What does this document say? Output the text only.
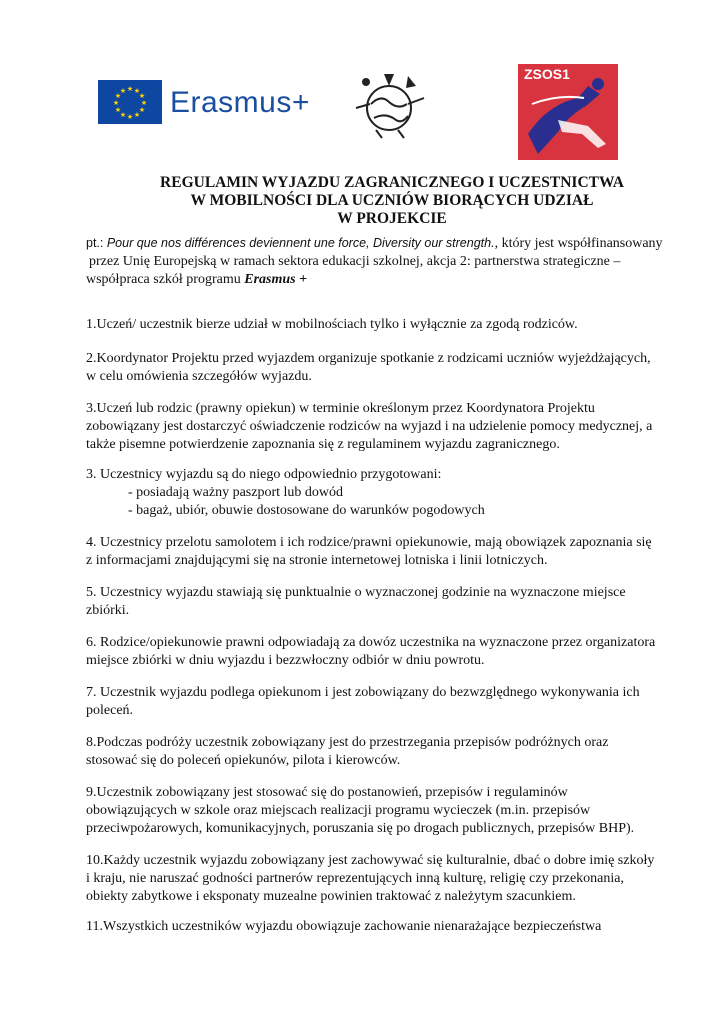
★ ★
★
★
★
★
★
★
★
★
★
★ Erasmus+
ZSOS1
REGULAMIN WYJAZDU ZAGRANICZNEGO I UCZESTNICTWA
W MOBILNOŚCI DLA UCZNIÓW BIORĄCYCH UDZIAŁ
W PROJEKCIE
pt.: Pour que nos différences deviennent une force, Diversity our strength., który jest współfinansowany
przez Unię Europejską w ramach sektora edukacji szkolnej, akcja 2: partnerstwa strategiczne –
współpraca szkół programu Erasmus +
1.Uczeń/ uczestnik bierze udział w mobilnościach tylko i wyłącznie za zgodą rodziców.
2.Koordynator Projektu przed wyjazdem organizuje spotkanie z rodzicami uczniów wyjeżdżających,
w celu omówienia szczegółów wyjazdu.
3.Uczeń lub rodzic (prawny opiekun) w terminie określonym przez Koordynatora Projektu
zobowiązany jest dostarczyć oświadczenie rodziców na wyjazd i na udzielenie pomocy medycznej, a
także pisemne potwierdzenie zapoznania się z regulaminem wyjazdu zagranicznego.
3. Uczestnicy wyjazdu są do niego odpowiednio przygotowani:
- posiadają ważny paszport lub dowód
- bagaż, ubiór, obuwie dostosowane do warunków pogodowych
4. Uczestnicy przelotu samolotem i ich rodzice/prawni opiekunowie, mają obowiązek zapoznania się
z informacjami znajdującymi się na stronie internetowej lotniska i linii lotniczych.
5. Uczestnicy wyjazdu stawiają się punktualnie o wyznaczonej godzinie na wyznaczone miejsce
zbiórki.
6. Rodzice/opiekunowie prawni odpowiadają za dowóz uczestnika na wyznaczone przez organizatora
miejsce zbiórki w dniu wyjazdu i bezzwłoczny odbiór w dniu powrotu.
7. Uczestnik wyjazdu podlega opiekunom i jest zobowiązany do bezwzględnego wykonywania ich
poleceń.
8.Podczas podróży uczestnik zobowiązany jest do przestrzegania przepisów podróżnych oraz
stosować się do poleceń opiekunów, pilota i kierowców.
9.Uczestnik zobowiązany jest stosować się do postanowień, przepisów i regulaminów
obowiązujących w szkole oraz miejscach realizacji programu wycieczek (m.in. przepisów
przeciwpożarowych, komunikacyjnych, poruszania się po drogach publicznych, przepisów BHP).
10.Każdy uczestnik wyjazdu zobowiązany jest zachowywać się kulturalnie, dbać o dobre imię szkoły
i kraju, nie naruszać godności partnerów reprezentujących inną kulturę, religię czy przekonania,
obiekty zabytkowe i eksponaty muzealne powinien traktować z należytym szacunkiem.
11.Wszystkich uczestników wyjazdu obowiązuje zachowanie nienarażające bezpieczeństwa
